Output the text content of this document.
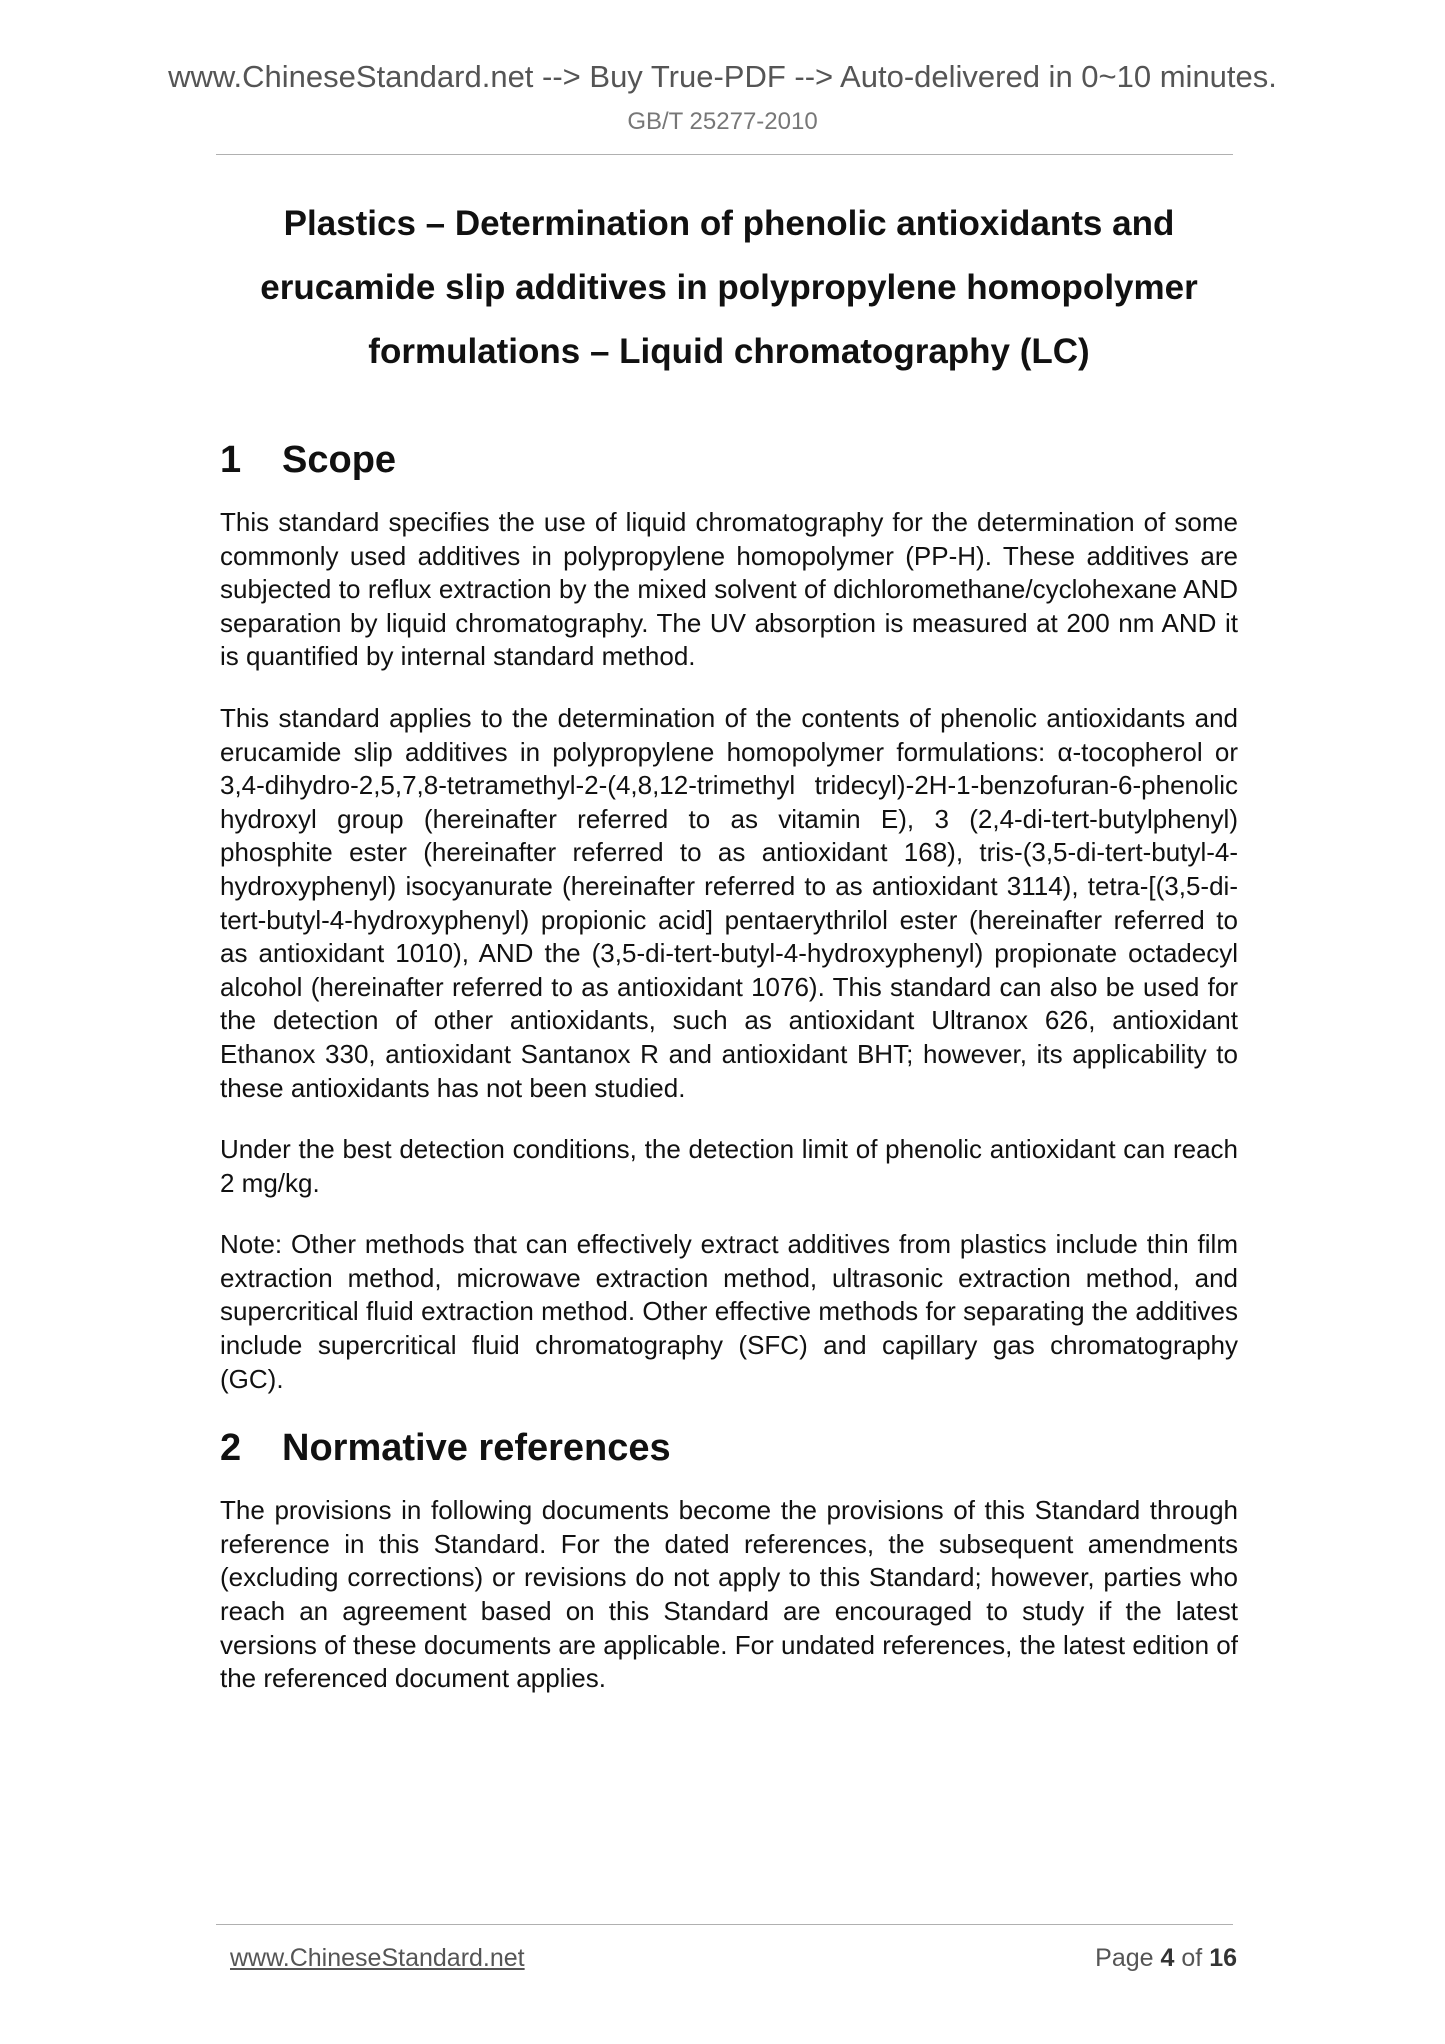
www.ChineseStandard.net --> Buy True-PDF --> Auto-delivered in 0~10 minutes.
GB/T 25277-2010
Plastics – Determination of phenolic antioxidants and
erucamide slip additives in polypropylene homopolymer
formulations – Liquid chromatography (LC)
1 Scope

This standard specifies the use of liquid chromatography for the determination of some commonly used additives in polypropylene homopolymer (PP-H). These additives are subjected to reflux extraction by the mixed solvent of dichloromethane/cyclohexane AND separation by liquid chromatography. The UV absorption is measured at 200 nm AND it is quantified by internal standard method.

This standard applies to the determination of the contents of phenolic antioxidants and erucamide slip additives in polypropylene homopolymer formulations: α-tocopherol or 3,4-dihydro-2,5,7,8-tetramethyl-2-(4,8,12-trimethyl tridecyl)-2H-1-benzofuran-6-phenolic hydroxyl group (hereinafter referred to as vitamin E), 3 (2,4-di-tert-butylphenyl) phosphite ester (hereinafter referred to as antioxidant 168), tris-(3,5-di-tert-butyl-4-hydroxyphenyl) isocyanurate (hereinafter referred to as antioxidant 3114), tetra-[(3,5-di-tert-butyl-4-hydroxyphenyl) propionic acid] pentaerythrilol ester (hereinafter referred to as antioxidant 1010), AND the (3,5-di-tert-butyl-4-hydroxyphenyl) propionate octadecyl alcohol (hereinafter referred to as antioxidant 1076). This standard can also be used for the detection of other antioxidants, such as antioxidant Ultranox 626, antioxidant Ethanox 330, antioxidant Santanox R and antioxidant BHT; however, its applicability to these antioxidants has not been studied.

Under the best detection conditions, the detection limit of phenolic antioxidant can reach 2 mg/kg.

Note: Other methods that can effectively extract additives from plastics include thin film extraction method, microwave extraction method, ultrasonic extraction method, and supercritical fluid extraction method. Other effective methods for separating the additives include supercritical fluid chromatography (SFC) and capillary gas chromatography (GC).

2 Normative references

The provisions in following documents become the provisions of this Standard through reference in this Standard. For the dated references, the subsequent amendments (excluding corrections) or revisions do not apply to this Standard; however, parties who reach an agreement based on this Standard are encouraged to study if the latest versions of these documents are applicable. For undated references, the latest edition of the referenced document applies.

www.ChineseStandard.net	Page 4 of 16
